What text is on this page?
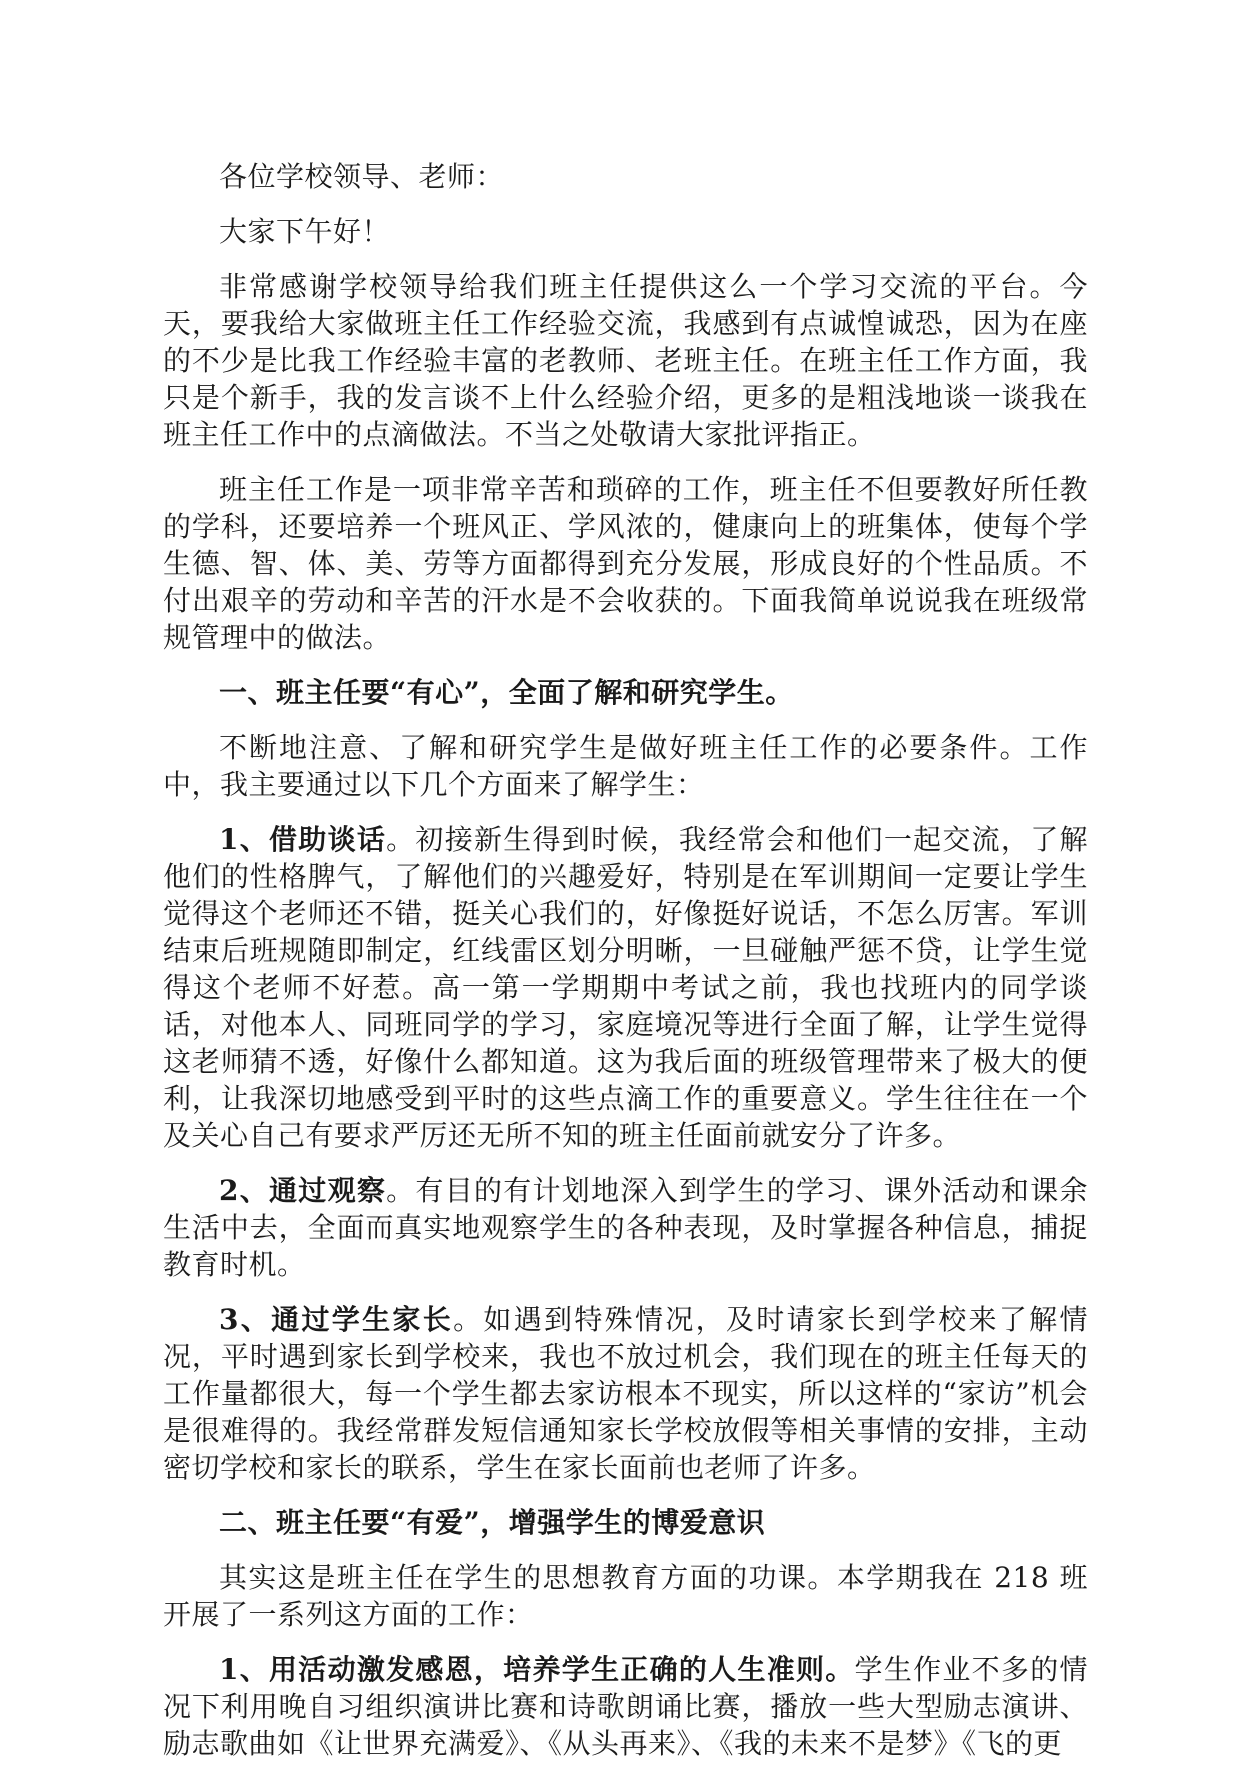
各位学校领导、老师：

大家下午好！

非常感谢学校领导给我们班主任提供这么一个学习交流的平台。今天，要我给大家做班主任工作经验交流，我感到有点诚惶诚恐，因为在座的不少是比我工作经验丰富的老教师、老班主任。在班主任工作方面，我只是个新手，我的发言谈不上什么经验介绍，更多的是粗浅地谈一谈我在班主任工作中的点滴做法。不当之处敬请大家批评指正。

班主任工作是一项非常辛苦和琐碎的工作，班主任不但要教好所任教的学科，还要培养一个班风正、学风浓的，健康向上的班集体，使每个学生德、智、体、美、劳等方面都得到充分发展，形成良好的个性品质。不付出艰辛的劳动和辛苦的汗水是不会收获的。下面我简单说说我在班级常规管理中的做法。

一、班主任要“有心”，全面了解和研究学生。

不断地注意、了解和研究学生是做好班主任工作的必要条件。工作中，我主要通过以下几个方面来了解学生：

1、借助谈话。初接新生得到时候，我经常会和他们一起交流，了解他们的性格脾气，了解他们的兴趣爱好，特别是在军训期间一定要让学生觉得这个老师还不错，挺关心我们的，好像挺好说话，不怎么厉害。军训结束后班规随即制定，红线雷区划分明晰，一旦碰触严惩不贷，让学生觉得这个老师不好惹。高一第一学期期中考试之前，我也找班内的同学谈话，对他本人、同班同学的学习，家庭境况等进行全面了解，让学生觉得这老师猜不透，好像什么都知道。这为我后面的班级管理带来了极大的便利，让我深切地感受到平时的这些点滴工作的重要意义。学生往往在一个及关心自己有要求严厉还无所不知的班主任面前就安分了许多。

2、通过观察。有目的有计划地深入到学生的学习、课外活动和课余生活中去，全面而真实地观察学生的各种表现，及时掌握各种信息，捕捉教育时机。

3、通过学生家长。如遇到特殊情况，及时请家长到学校来了解情况，平时遇到家长到学校来，我也不放过机会，我们现在的班主任每天的工作量都很大，每一个学生都去家访根本不现实，所以这样的“家访”机会是很难得的。我经常群发短信通知家长学校放假等相关事情的安排，主动密切学校和家长的联系，学生在家长面前也老师了许多。

二、班主任要“有爱”，增强学生的博爱意识

其实这是班主任在学生的思想教育方面的功课。本学期我在 218 班开展了一系列这方面的工作：

1、用活动激发感恩，培养学生正确的人生准则。学生作业不多的情况下利用晚自习组织演讲比赛和诗歌朗诵比赛，播放一些大型励志演讲、励志歌曲如《让世界充满爱》、《从头再来》、《我的未来不是梦》《飞的更
